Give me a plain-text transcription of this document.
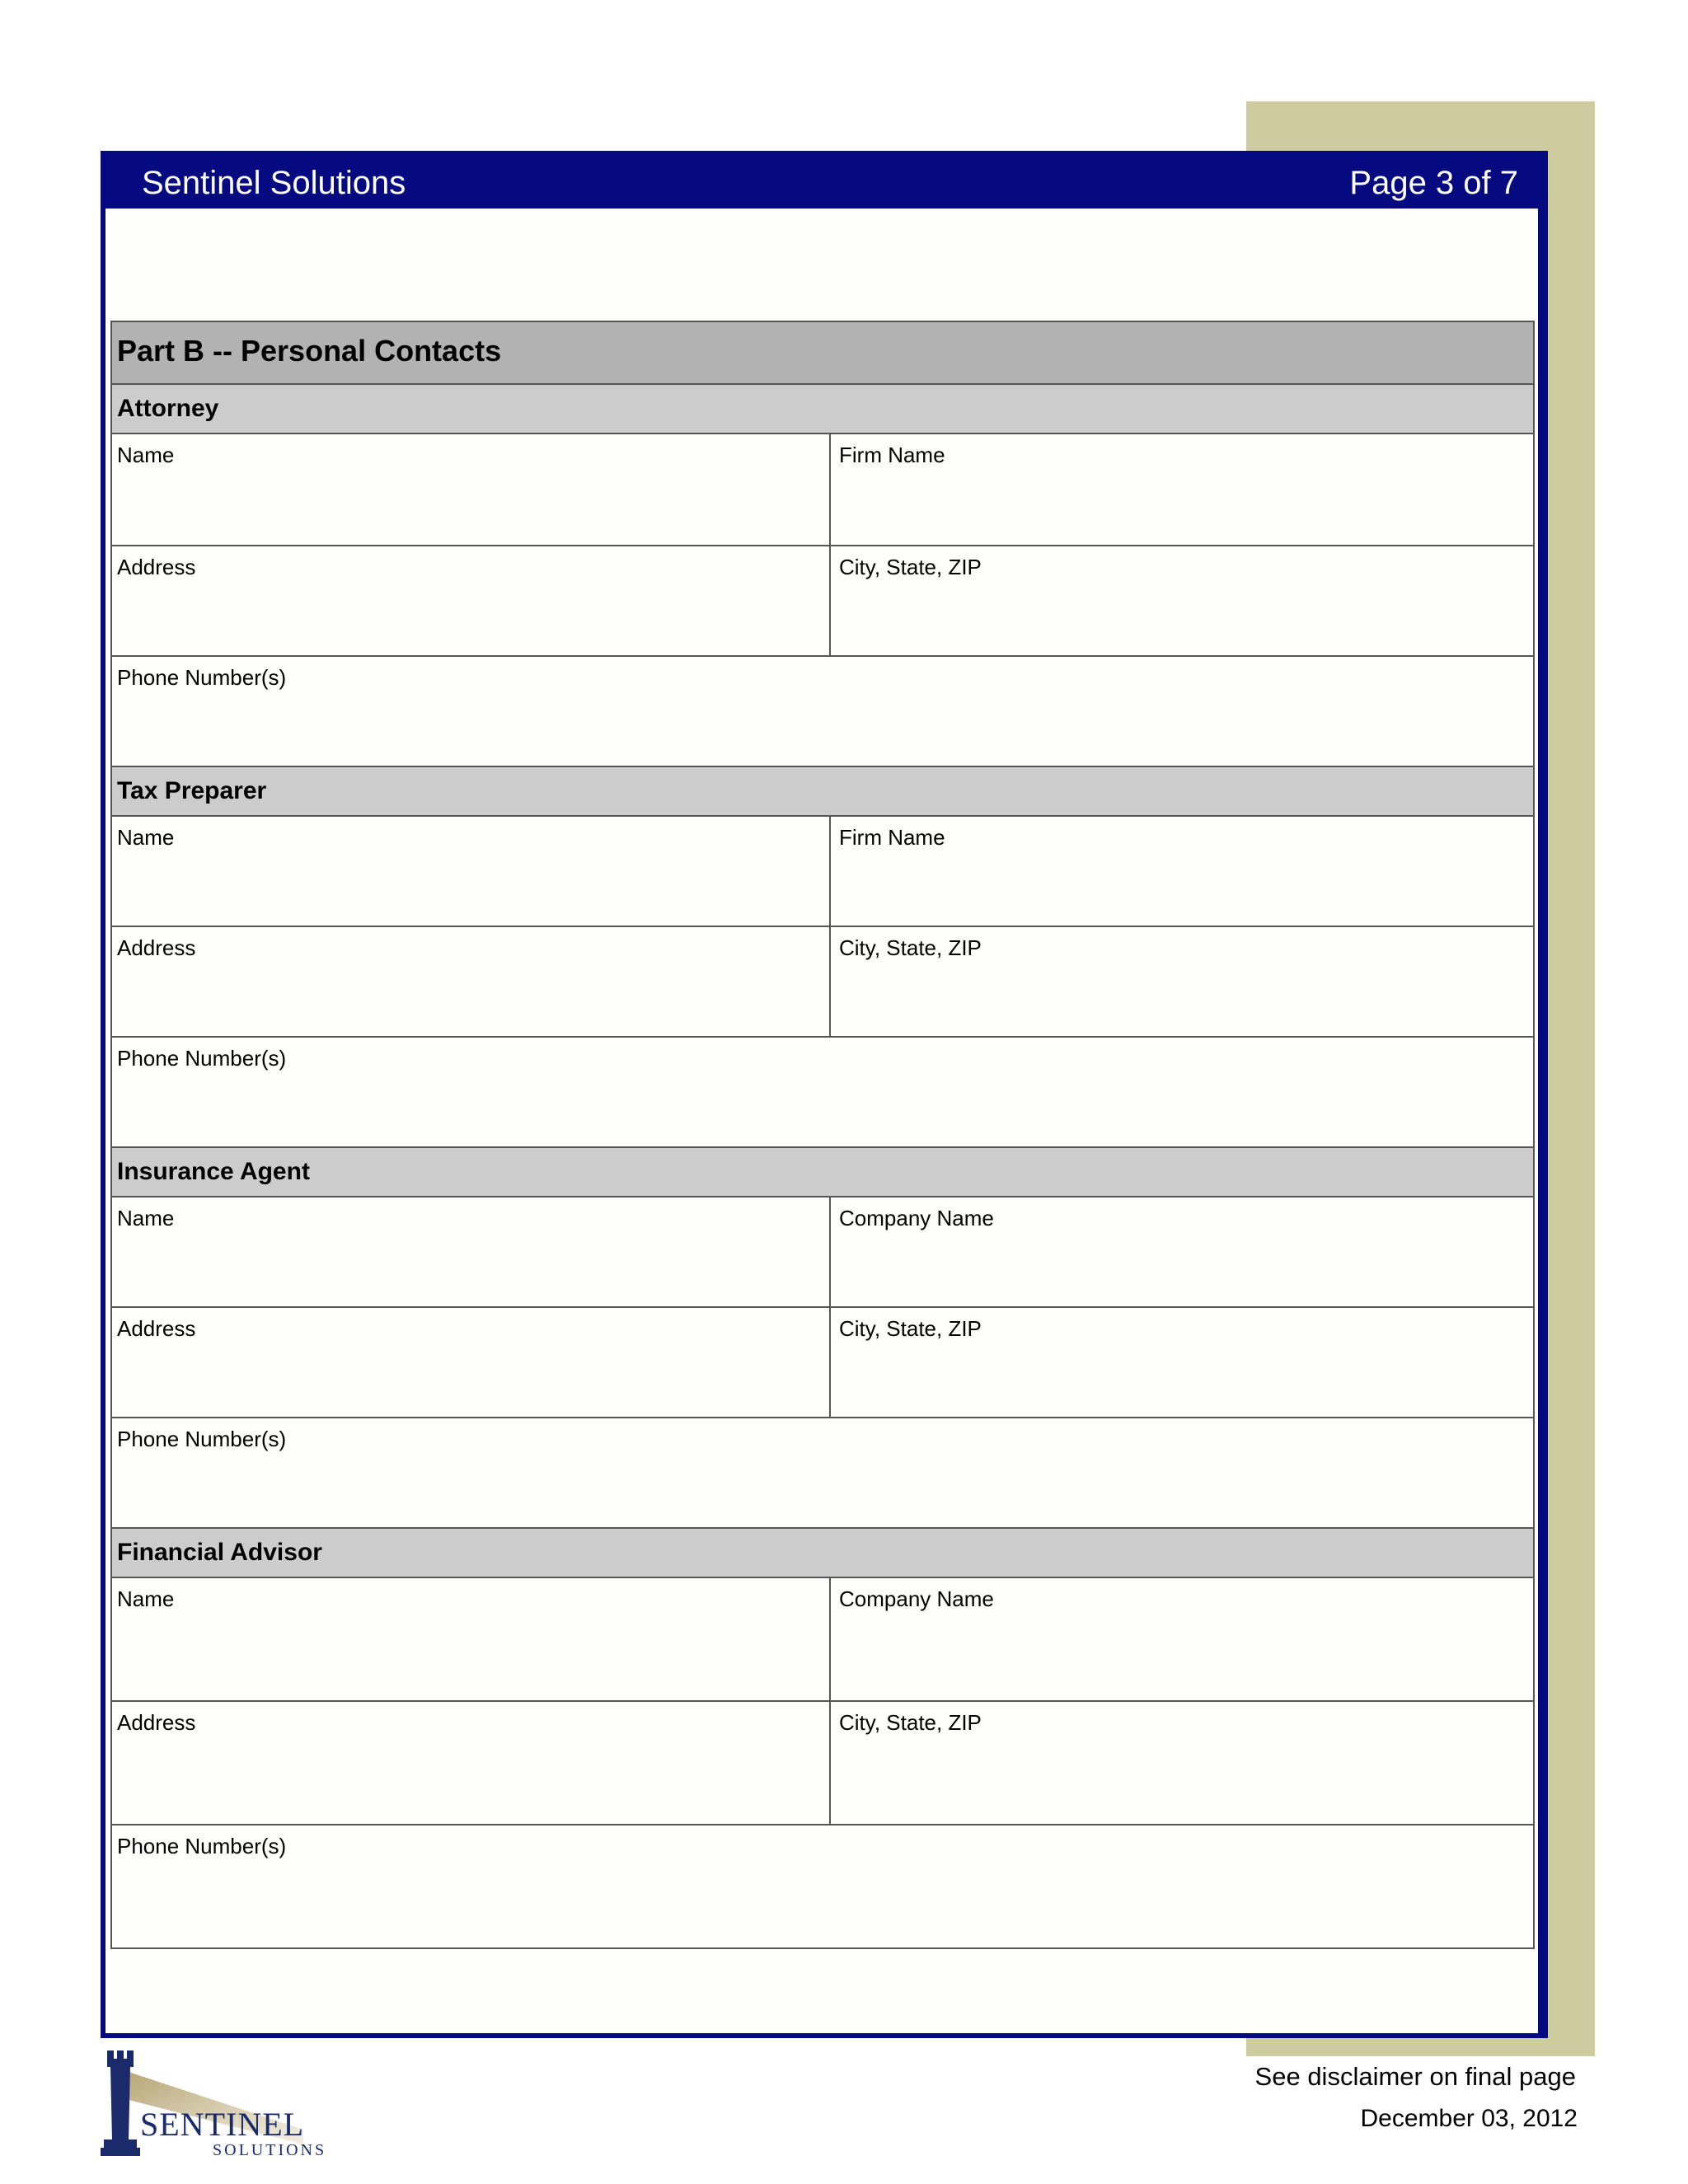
Sentinel Solutions	Page 3 of 7
Part B -- Personal Contacts
Attorney
Name	Firm Name
Address	City, State, ZIP
Phone Number(s)
Tax Preparer
Name	Firm Name
Address	City, State, ZIP
Phone Number(s)
Insurance Agent
Name	Company Name
Address	City, State, ZIP
Phone Number(s)
Financial Advisor
Name	Company Name
Address	City, State, ZIP
Phone Number(s)
SENTINEL
SOLUTIONS
See disclaimer on final page
December 03, 2012
